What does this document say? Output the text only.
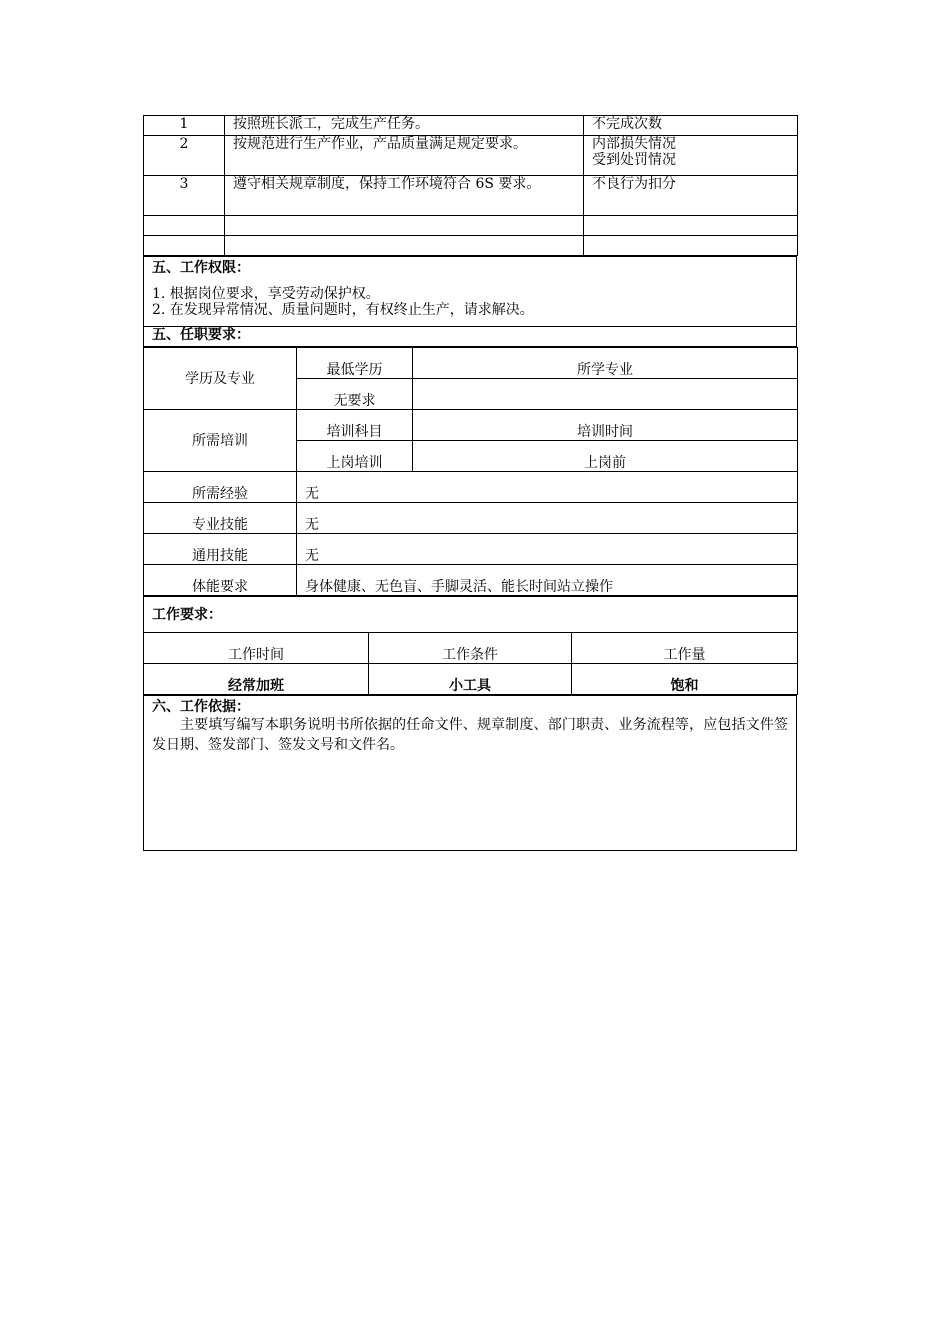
1	按照班长派工，完成生产任务。	不完成次数
2	按规范进行生产作业，产品质量满足规定要求。	内部损失情况
受到处罚情况
3	遵守相关规章制度，保持工作环境符合 6S 要求。	不良行为扣分

五、工作权限：
1. 根据岗位要求，享受劳动保护权。
2. 在发现异常情况、质量问题时，有权终止生产，请求解决。

五、任职要求：
学历及专业	最低学历	所学专业
	无要求	
所需培训	培训科目	培训时间
	上岗培训	上岗前
所需经验	无	
专业技能	无	
通用技能	无	
体能要求	身体健康、无色盲、手脚灵活、能长时间站立操作	
工作要求：		
工作时间	工作条件	工作量
经常加班	小工具	饱和
六、工作依据：
主要填写编写本职务说明书所依据的任命文件、规章制度、部门职责、业务流程等，应包括文件签发日期、签发部门、签发文号和文件名。
